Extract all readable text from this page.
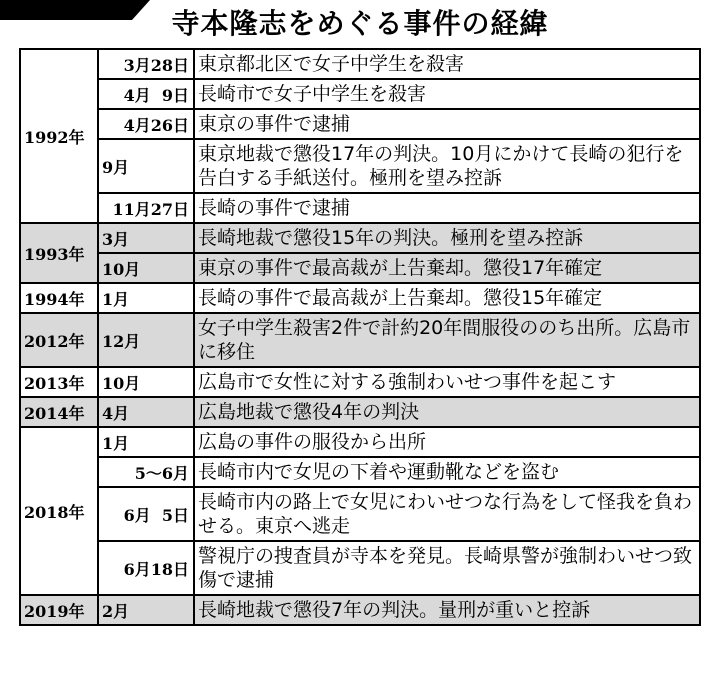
寺本隆志をめぐる事件の経緯
1992年	3月28日	東京都北区で女子中学生を殺害
	4月  9日	長崎市で女子中学生を殺害
	4月26日	東京の事件で逮捕
	9月	東京地裁で懲役17年の判決。10月にかけて長崎の犯行を告白する手紙送付。極刑を望み控訴
	11月27日	長崎の事件で逮捕
1993年	3月	長崎地裁で懲役15年の判決。極刑を望み控訴
	10月	東京の事件で最高裁が上告棄却。懲役17年確定
1994年	1月	長崎の事件で最高裁が上告棄却。懲役15年確定
2012年	12月	女子中学生殺害2件で計約20年間服役ののち出所。広島市に移住
2013年	10月	広島市で女性に対する強制わいせつ事件を起こす
2014年	4月	広島地裁で懲役4年の判決
2018年	1月	広島の事件の服役から出所
	5〜6月	長崎市内で女児の下着や運動靴などを盗む
	6月  5日	長崎市内の路上で女児にわいせつな行為をして怪我を負わせる。東京へ逃走
	6月18日	警視庁の捜査員が寺本を発見。長崎県警が強制わいせつ致傷で逮捕
2019年	2月	長崎地裁で懲役7年の判決。量刑が重いと控訴
